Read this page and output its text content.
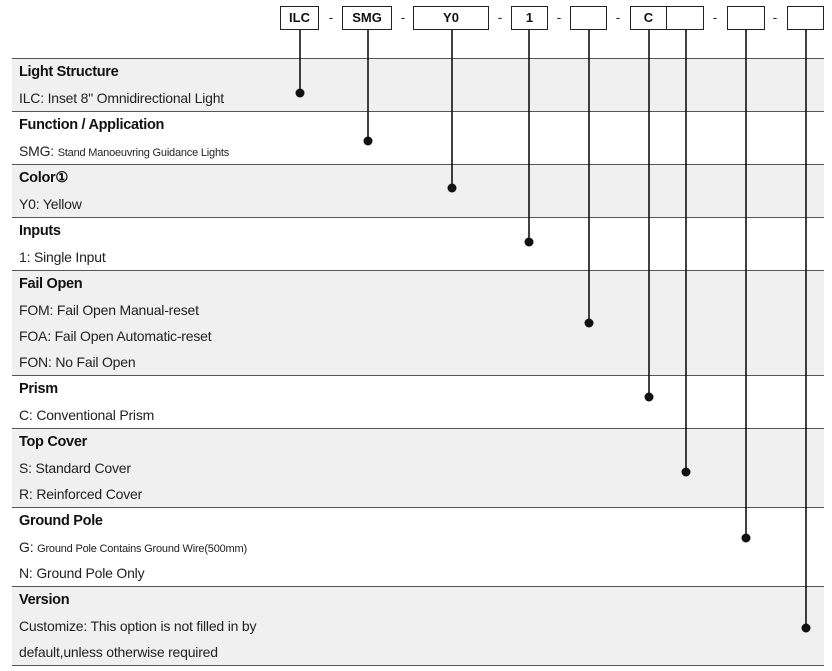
ILC	-	SMG	-	Y0	-	1	-	-	C	-	-
Light Structure
ILC: Inset 8" Omnidirectional Light
Function / Application
SMG: Stand Manoeuvring Guidance Lights
Color①
Y0: Yellow
Inputs
1: Single Input
Fail Open
FOM: Fail Open Manual-reset
FOA: Fail Open Automatic-reset
FON: No Fail Open
Prism
C: Conventional Prism
Top Cover
S: Standard Cover
R: Reinforced Cover
Ground Pole
G: Ground Pole Contains Ground Wire(500mm)
N: Ground Pole Only
Version
Customize: This option is not filled in by
default,unless otherwise required
